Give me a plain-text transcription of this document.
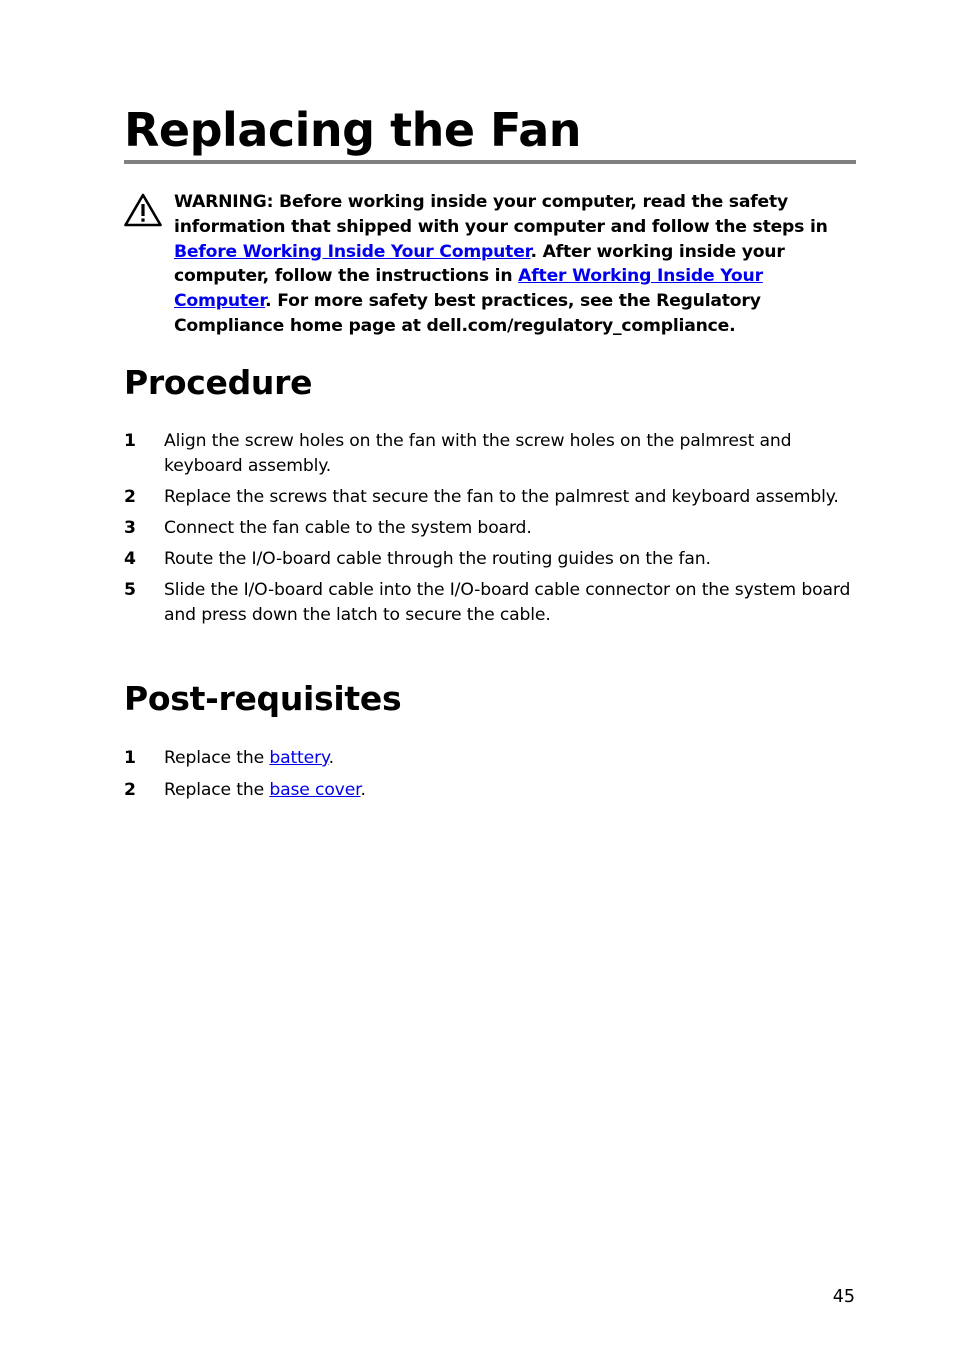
Replacing the Fan

WARNING: Before working inside your computer, read the safety information that shipped with your computer and follow the steps in Before Working Inside Your Computer. After working inside your computer, follow the instructions in After Working Inside Your Computer. For more safety best practices, see the Regulatory Compliance home page at dell.com/regulatory_compliance.

Procedure
1 Align the screw holes on the fan with the screw holes on the palmrest and keyboard assembly.
2 Replace the screws that secure the fan to the palmrest and keyboard assembly.
3 Connect the fan cable to the system board.
4 Route the I/O-board cable through the routing guides on the fan.
5 Slide the I/O-board cable into the I/O-board cable connector on the system board and press down the latch to secure the cable.
Post-requisites
1 Replace the battery.
2 Replace the base cover.
45
